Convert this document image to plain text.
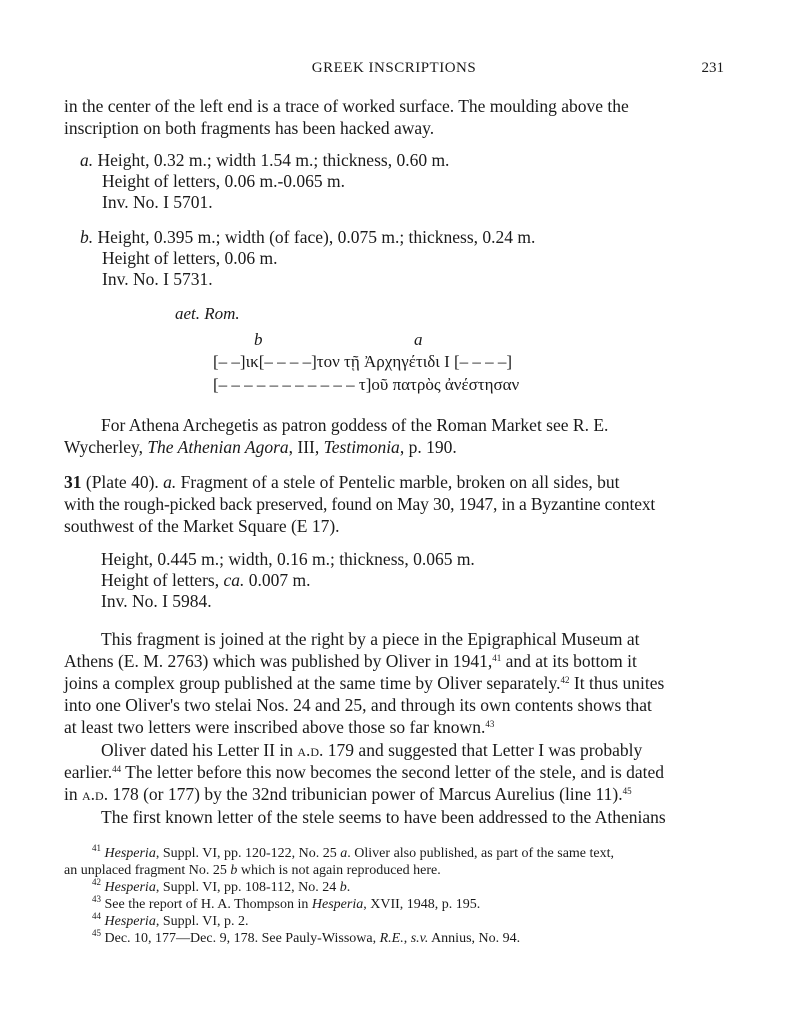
GREEK INSCRIPTIONS	231
in the center of the left end is a trace of worked surface. The moulding above the
inscription on both fragments has been hacked away.
a. Height, 0.32 m.; width 1.54 m.; thickness, 0.60 m.
Height of letters, 0.06 m.-0.065 m.
Inv. No. I 5701.
b. Height, 0.395 m.; width (of face), 0.075 m.; thickness, 0.24 m.
Height of letters, 0.06 m.
Inv. No. I 5731.
aet. Rom.
b	a
[– –]ικ[– – – –]τον τῇ Ἀρχηγέτιδι I [– – – –]
[– – – – – – – – – – – τ]οῦ πατρὸς ἀνέστησαν
For Athena Archegetis as patron goddess of the Roman Market see R. E.
Wycherley, The Athenian Agora, III, Testimonia, p. 190.
31 (Plate 40). a. Fragment of a stele of Pentelic marble, broken on all sides, but
with the rough-picked back preserved, found on May 30, 1947, in a Byzantine context
southwest of the Market Square (E 17).
Height, 0.445 m.; width, 0.16 m.; thickness, 0.065 m.
Height of letters, ca. 0.007 m.
Inv. No. I 5984.
This fragment is joined at the right by a piece in the Epigraphical Museum at
Athens (E. M. 2763) which was published by Oliver in 1941,41 and at its bottom it
joins a complex group published at the same time by Oliver separately.$^{42}$ It thus unites
into one Oliver's two stelai Nos. 24 and 25, and through its own contents shows that
at least two letters were inscribed above those so far known.$^{43}$
Oliver dated his Letter II in a.d. 179 and suggested that Letter I was probably
earlier.$^{44}$ The letter before this now becomes the second letter of the stele, and is dated
in a.d. 178 (or 177) by the 32nd tribunician power of Marcus Aurelius (line 11).$^{45}$
The first known letter of the stele seems to have been addressed to the Athenians
$^{41}$ Hesperia, Suppl. VI, pp. 120-122, No. 25 a. Oliver also published, as part of the same text,
an unplaced fragment No. 25 b which is not again reproduced here.
$^{42}$ Hesperia, Suppl. VI, pp. 108-112, No. 24 b.
$^{43}$ See the report of H. A. Thompson in Hesperia, XVII, 1948, p. 195.
$^{44}$ Hesperia, Suppl. VI, p. 2.
$^{45}$ Dec. 10, 177—Dec. 9, 178. See Pauly-Wissowa, R.E., s.v. Annius, No. 94.
